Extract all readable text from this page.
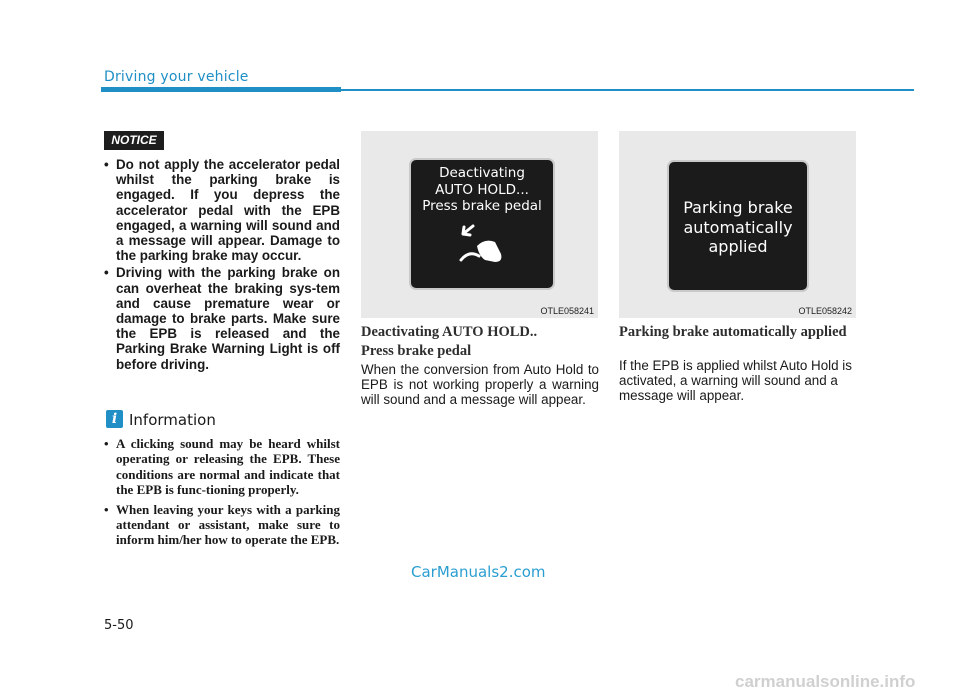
Driving your vehicle
NOTICE
• Do not apply the accelerator pedal whilst the parking brake is engaged. If you depress the accelerator pedal with the EPB engaged, a warning will sound and a message will appear. Damage to the parking brake may occur.
• Driving with the parking brake on can overheat the braking sys-tem and cause premature wear or damage to brake parts. Make sure the EPB is released and the Parking Brake Warning Light is off before driving.
i Information
• A clicking sound may be heard whilst operating or releasing the EPB. These conditions are normal and indicate that the EPB is func-tioning properly.
• When leaving your keys with a parking attendant or assistant, make sure to inform him/her how to operate the EPB.
Deactivating
AUTO HOLD...
Press brake pedal
OTLE058241
Deactivating AUTO HOLD..
Press brake pedal
When the conversion from Auto Hold to EPB is not working properly a warning will sound and a message will appear.
Parking brake
automatically
applied
OTLE058242
Parking brake automatically applied
If the EPB is applied whilst Auto Hold is activated, a warning will sound and a message will appear.
5-50
CarManuals2.com
carmanualsonline.info
